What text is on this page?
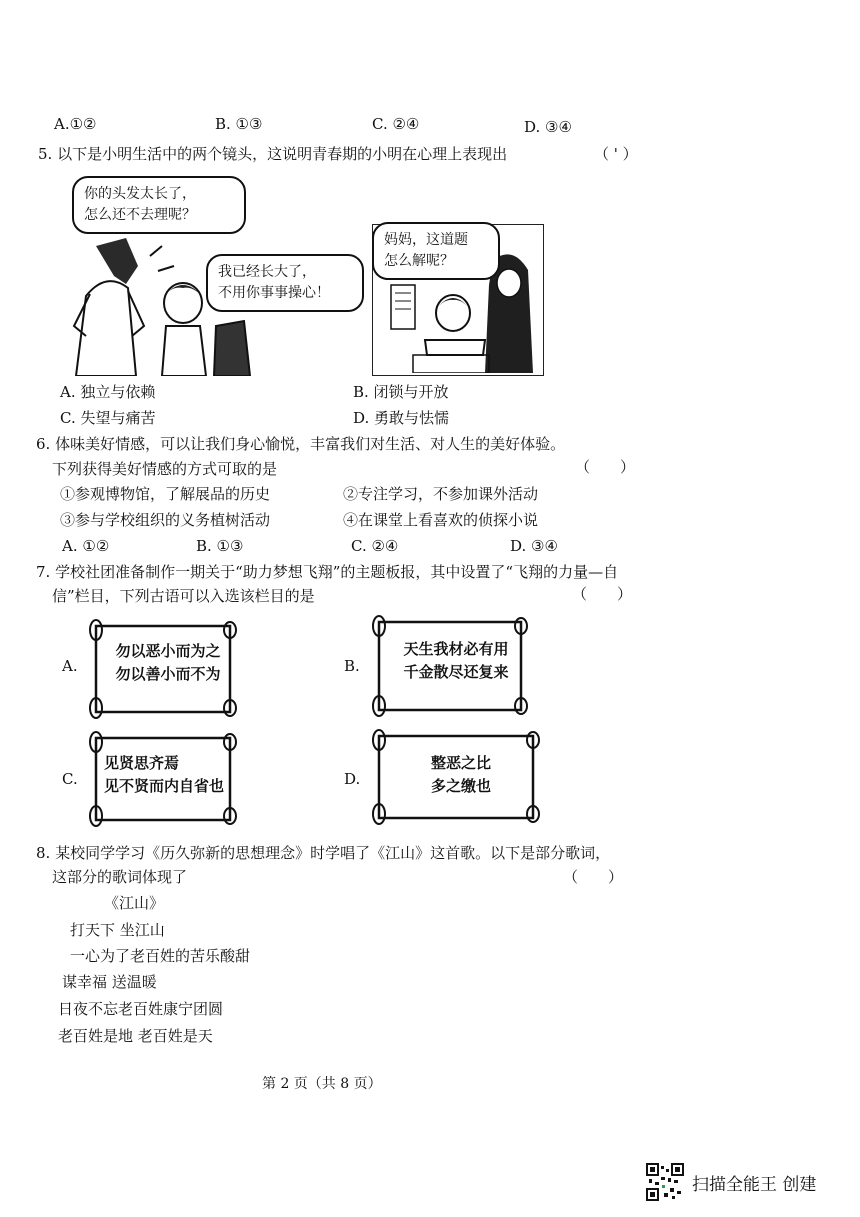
A.①②	B. ①③	C. ②④	D. ③④
5. 以下是小明生活中的两个镜头，这说明青春期的小明在心理上表现出	（ ' ）
你的头发太长了，
怎么还不去理呢？
我已经长大了，
不用你事事操心！
妈妈，这道题
怎么解呢？
A. 独立与依赖	B. 闭锁与开放
C. 失望与痛苦	D. 勇敢与怯懦
6. 体味美好情感，可以让我们身心愉悦，丰富我们对生活、对人生的美好体验。
下列获得美好情感的方式可取的是	（　　）
①参观博物馆，了解展品的历史	②专注学习，不参加课外活动
③参与学校组织的义务植树活动	④在课堂上看喜欢的侦探小说
A. ①②	B. ①③	C. ②④	D. ③④
7. 学校社团准备制作一期关于“助力梦想飞翔”的主题板报，其中设置了“飞翔的力量—自
信”栏目，下列古语可以入选该栏目的是	（　　）
A.
勿以恶小而为之
勿以善小而不为	B.
天生我材必有用
千金散尽还复来
C.
见贤思齐焉
见不贤而内自省也	D.
整恶之比
多之缴也
8. 某校同学学习《历久弥新的思想理念》时学唱了《江山》这首歌。以下是部分歌词，
这部分的歌词体现了	（　　）
《江山》
打天下 坐江山
一心为了老百姓的苦乐酸甜
谋幸福 送温暖
日夜不忘老百姓康宁团圆
老百姓是地 老百姓是天
第 2 页（共 8 页）
扫描全能王 创建
